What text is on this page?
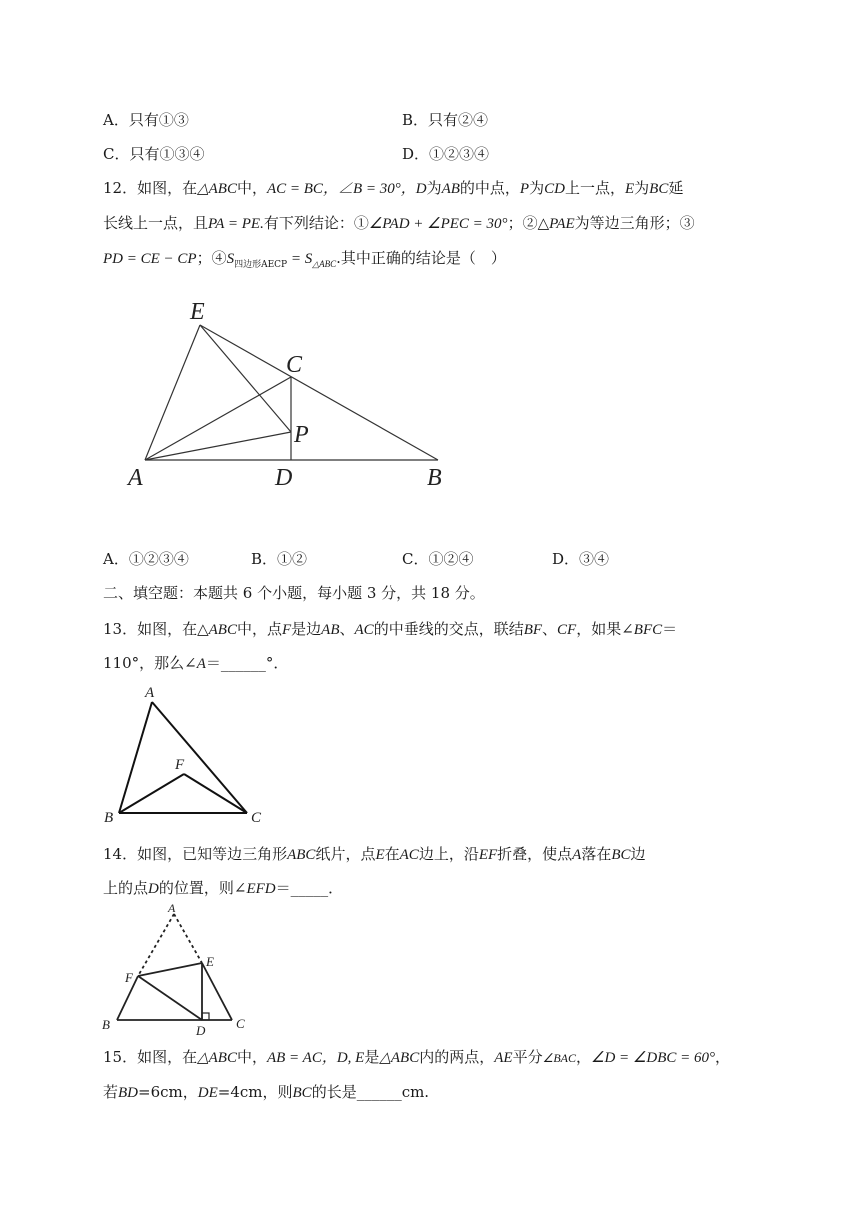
A．只有①③	B．只有②④
C．只有①③④	D．①②③④
12．如图，在△ABC中，AC = BC，∠B = 30°，D为AB的中点，P为CD上一点，E为BC延
长线上一点，且PA = PE.有下列结论：①∠PAD + ∠PEC = 30°；②△PAE为等边三角形；③
PD = CE − CP；$④S_{四边形AECP} = S_{\triangle ABC}$.其中正确的结论是（　）
E
C
P
A	D	B
A．①②③④	B．①②	C．①②④	D．③④
二、填空题：本题共 6 个小题，每小题 3 分，共 18 分。
13．如图，在△ABC中，点F是边AB、AC的中垂线的交点，联结BF、CF，如果∠BFC＝
110°，那么∠A＝______°．
A
F
B	C
14．如图，已知等边三角形ABC纸片，点E在AC边上，沿EF折叠，使点A落在BC边
上的点D的位置，则∠EFD＝_____．
A
F
E
B	D C
15．如图，在△ABC中，AB = AC，D, E是△ABC内的两点，AE平分∠BAC，∠D = ∠DBC = 60°，
若BD=6cm，DE=4cm，则BC的长是______cm.
